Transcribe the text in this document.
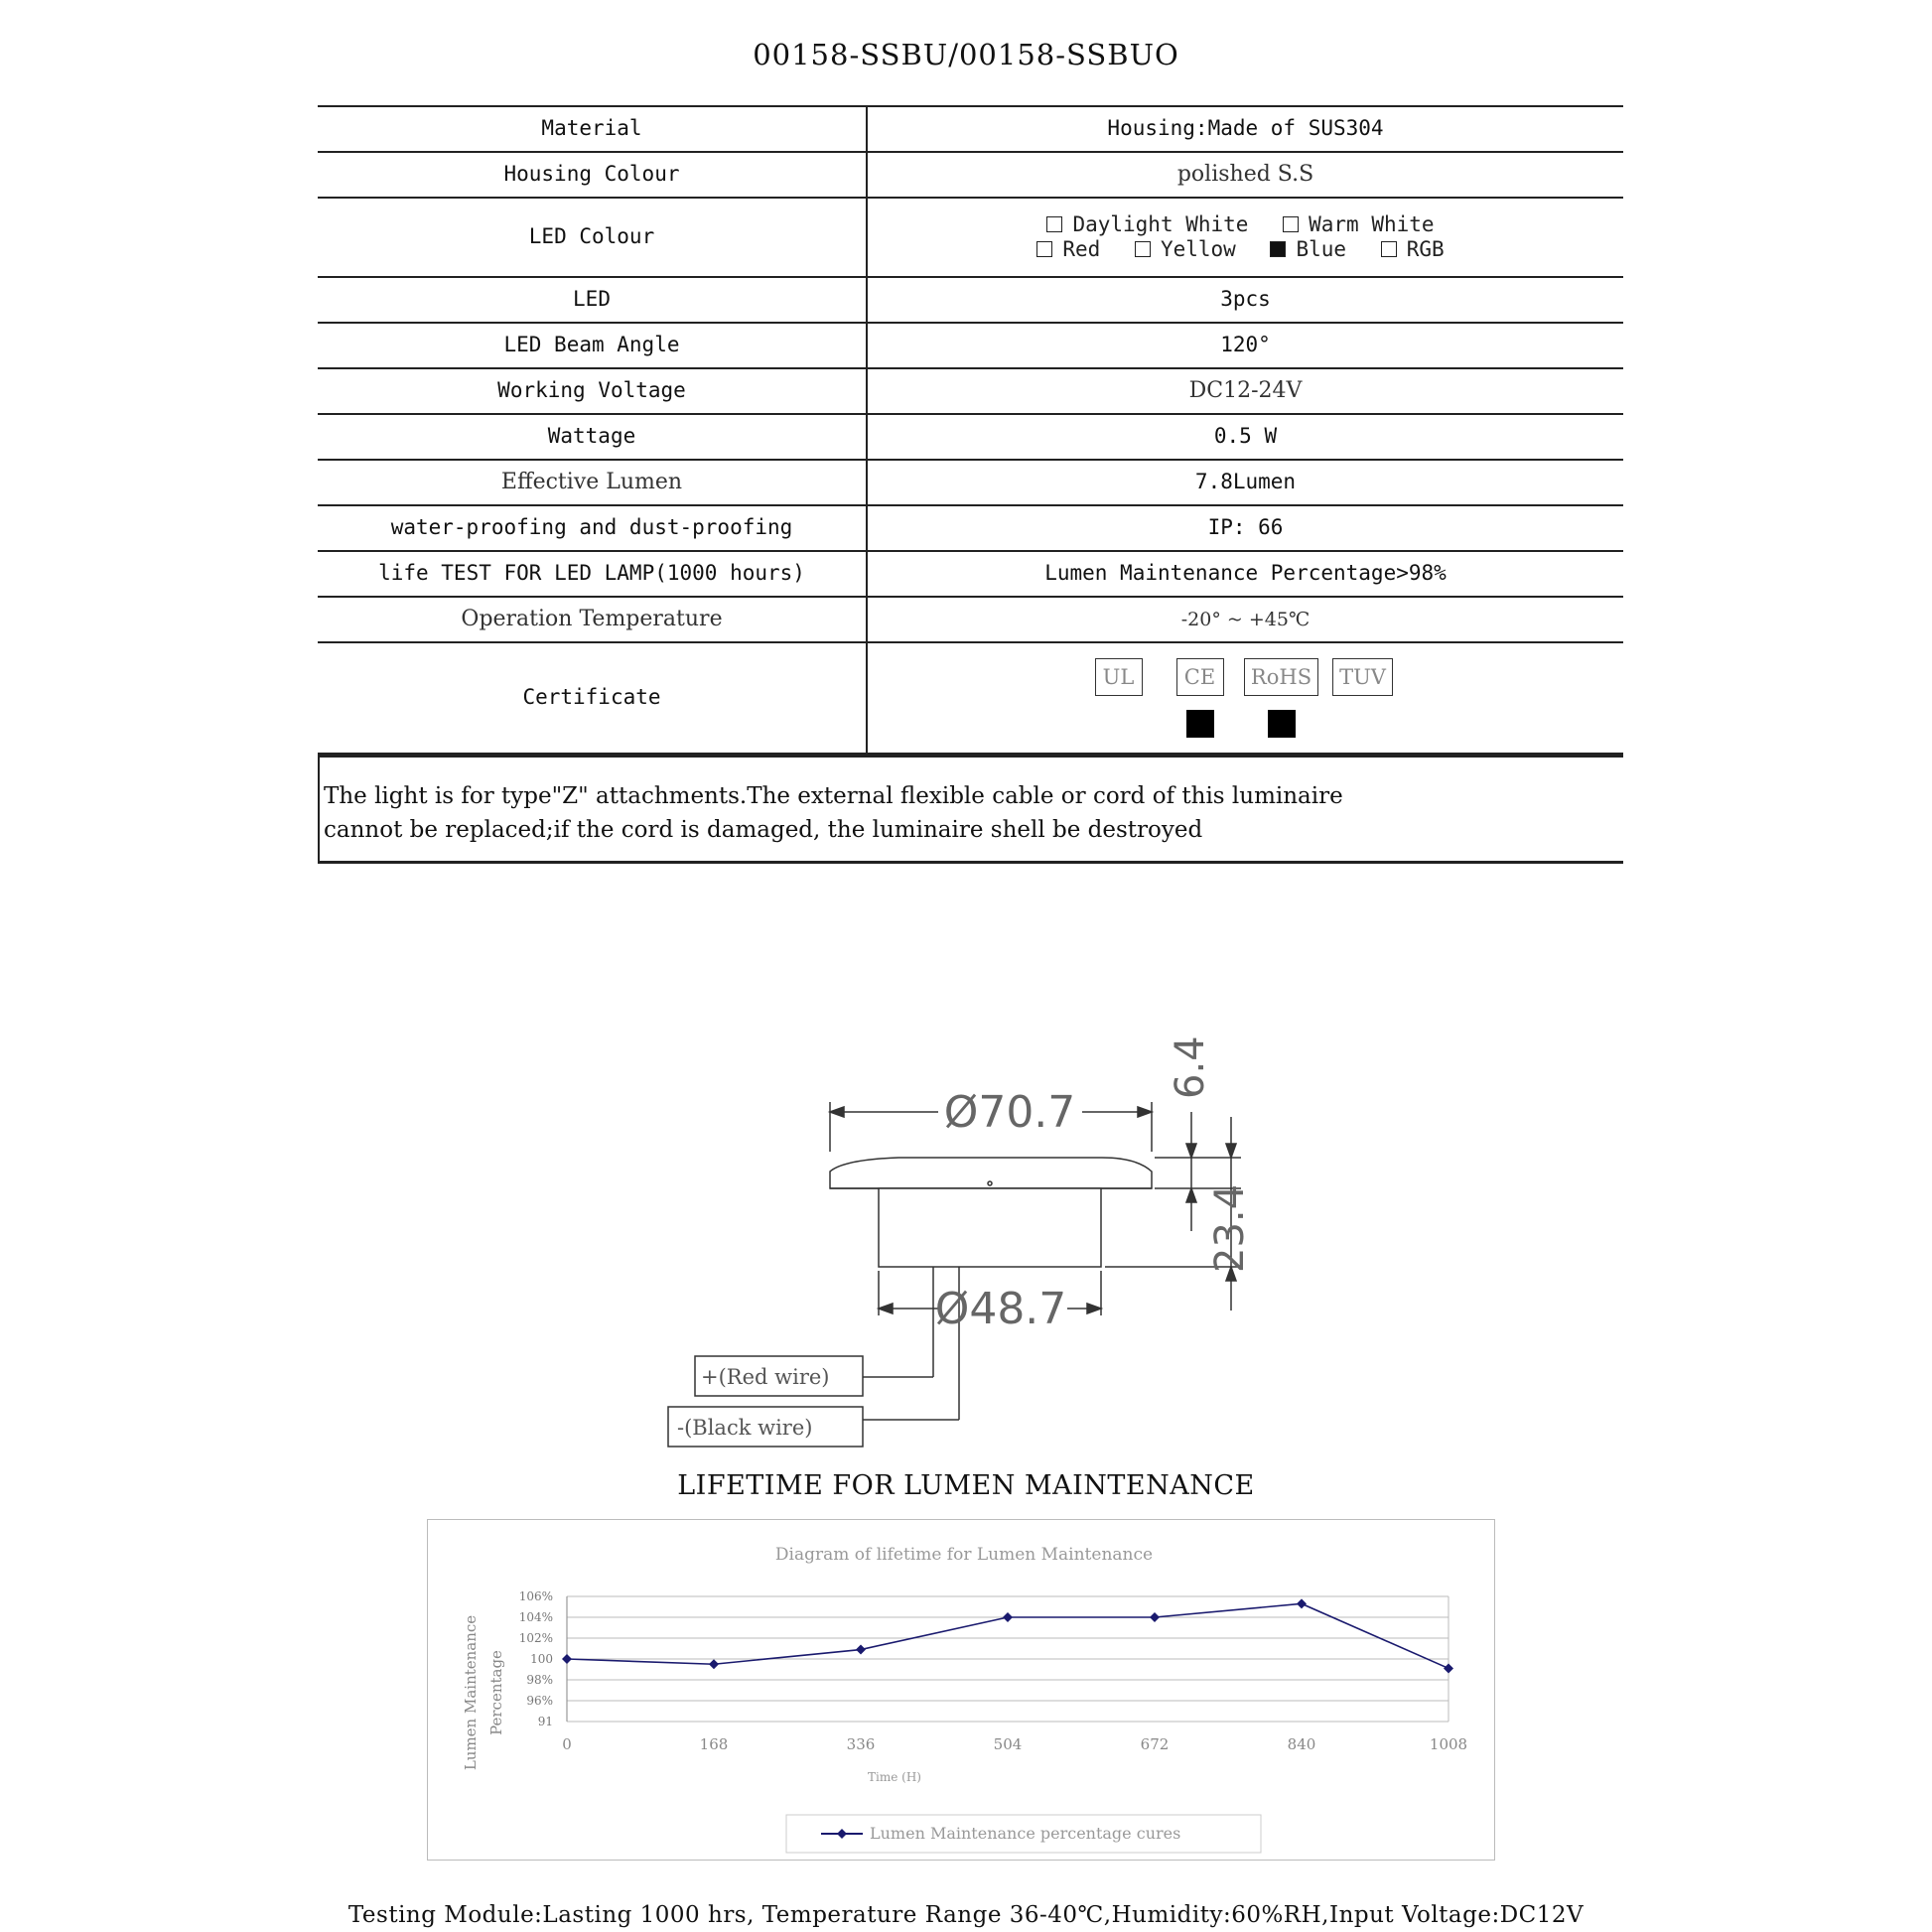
00158-SSBU/00158-SSBUO
Material	Housing:Made of SUS304
Housing Colour	polished S.S
LED Colour	Daylight White Warm White
Red Yellow Blue RGB

LED	3pcs
LED Beam Angle	120°
Working Voltage	DC12-24V
Wattage	0.5 W
Effective Lumen	7.8Lumen
water-proofing and dust-proofing	IP: 66
life TEST FOR LED LAMP(1000 hours)	Lumen Maintenance Percentage>98%
Operation Temperature	-20° ~ +45℃
Certificate	UL CE RoHS TUV
The light is for type"Z" attachments.The external flexible cable or cord of this luminaire
cannot be replaced;if the cord is damaged, the luminaire shell be destroyed
Ø70.7
Ø48.7
6.4
23.4
+(Red wire)
-(Black wire)
LIFETIME FOR LUMEN MAINTENANCE
Diagram of lifetime for Lumen Maintenance
106%
104%
102%
100
98%
96%
91
0	168	336	504	672	840	1008
Time (H)
Lumen Maintenance Percentage
Lumen Maintenance percentage cures
Testing Module:Lasting 1000 hrs, Temperature Range 36-40℃,Humidity:60%RH,Input Voltage:DC12V
